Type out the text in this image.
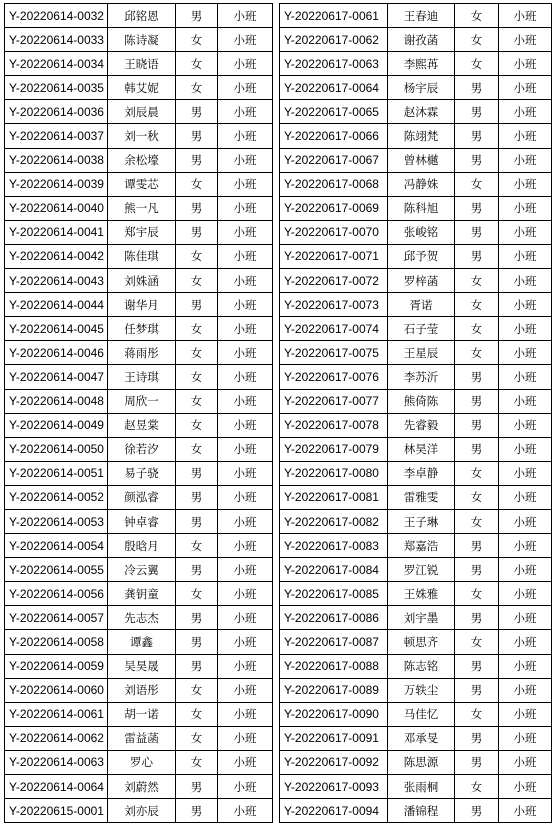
Y-20220614-0032	邱铭恩	男	小班
Y-20220614-0033	陈诗凝	女	小班
Y-20220614-0034	王晓语	女	小班
Y-20220614-0035	韩艾妮	女	小班
Y-20220614-0036	刘辰晨	男	小班
Y-20220614-0037	刘一秋	男	小班
Y-20220614-0038	余松壕	男	小班
Y-20220614-0039	谭雯芯	女	小班
Y-20220614-0040	熊一凡	男	小班
Y-20220614-0041	郑宇辰	男	小班
Y-20220614-0042	陈佳琪	女	小班
Y-20220614-0043	刘姝涵	女	小班
Y-20220614-0044	谢华月	男	小班
Y-20220614-0045	任梦琪	女	小班
Y-20220614-0046	蒋雨彤	女	小班
Y-20220614-0047	王诗琪	女	小班
Y-20220614-0048	周欣一	女	小班
Y-20220614-0049	赵昱棠	女	小班
Y-20220614-0050	徐若汐	女	小班
Y-20220614-0051	易子骁	男	小班
Y-20220614-0052	颜泓睿	男	小班
Y-20220614-0053	钟卓睿	男	小班
Y-20220614-0054	殷晗月	女	小班
Y-20220614-0055	冷云翼	男	小班
Y-20220614-0056	龚钥童	女	小班
Y-20220614-0057	先志杰	男	小班
Y-20220614-0058	谭鑫	男	小班
Y-20220614-0059	吴昊晟	男	小班
Y-20220614-0060	刘语彤	女	小班
Y-20220614-0061	胡一诺	女	小班
Y-20220614-0062	雷益菡	女	小班
Y-20220614-0063	罗心	女	小班
Y-20220614-0064	刘蔚然	男	小班
Y-20220615-0001	刘亦辰	男	小班
Y-20220617-0061	王春迪	女	小班
Y-20220617-0062	谢孜菡	女	小班
Y-20220617-0063	李熙苒	女	小班
Y-20220617-0064	杨宇辰	男	小班
Y-20220617-0065	赵沐霖	男	小班
Y-20220617-0066	陈翊梵	男	小班
Y-20220617-0067	曾林樾	男	小班
Y-20220617-0068	冯静姝	女	小班
Y-20220617-0069	陈科旭	男	小班
Y-20220617-0070	张峻铭	男	小班
Y-20220617-0071	邱予贺	男	小班
Y-20220617-0072	罗梓菡	女	小班
Y-20220617-0073	胥诺	女	小班
Y-20220617-0074	石子莹	女	小班
Y-20220617-0075	王星辰	女	小班
Y-20220617-0076	李苏沂	男	小班
Y-20220617-0077	熊倚陈	男	小班
Y-20220617-0078	先睿毅	男	小班
Y-20220617-0079	林昊洋	男	小班
Y-20220617-0080	李卓静	女	小班
Y-20220617-0081	雷雅雯	女	小班
Y-20220617-0082	王子琳	女	小班
Y-20220617-0083	郑嘉浩	男	小班
Y-20220617-0084	罗江锐	男	小班
Y-20220617-0085	王姝雅	女	小班
Y-20220617-0086	刘宇墨	男	小班
Y-20220617-0087	顿思齐	女	小班
Y-20220617-0088	陈志铭	男	小班
Y-20220617-0089	万轶尘	男	小班
Y-20220617-0090	马佳忆	女	小班
Y-20220617-0091	邓承旻	男	小班
Y-20220617-0092	陈思源	男	小班
Y-20220617-0093	张雨桐	女	小班
Y-20220617-0094	潘锦程	男	小班
